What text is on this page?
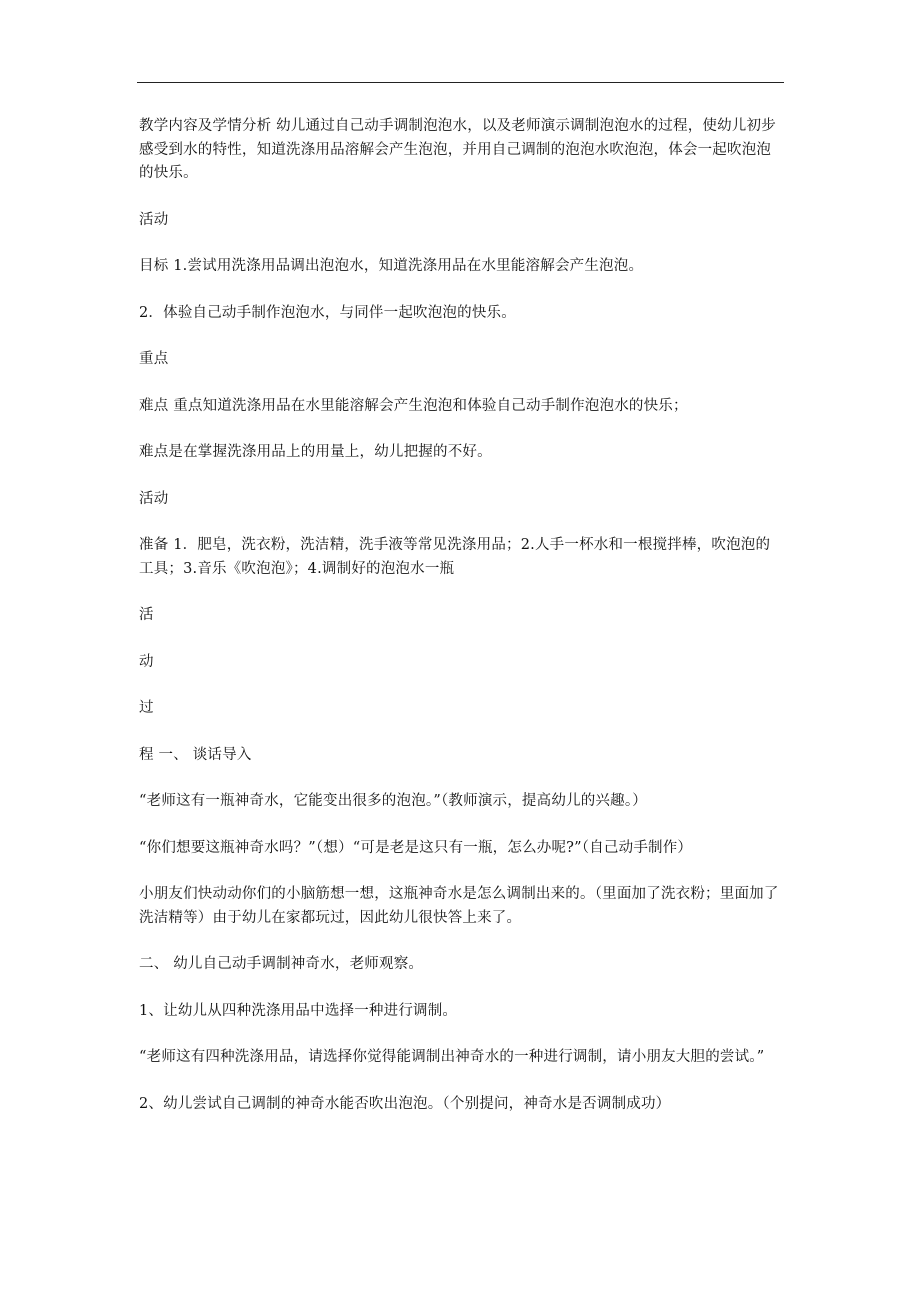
教学内容及学情分析 幼儿通过自己动手调制泡泡水，以及老师演示调制泡泡水的过程，使幼儿初步感受到水的特性，知道洗涤用品溶解会产生泡泡，并用自己调制的泡泡水吹泡泡，体会一起吹泡泡的快乐。

活动

目标 1.尝试用洗涤用品调出泡泡水，知道洗涤用品在水里能溶解会产生泡泡。

2．体验自己动手制作泡泡水，与同伴一起吹泡泡的快乐。

重点

难点 重点知道洗涤用品在水里能溶解会产生泡泡和体验自己动手制作泡泡水的快乐；

难点是在掌握洗涤用品上的用量上，幼儿把握的不好。

活动

准备 1．肥皂，洗衣粉，洗洁精，洗手液等常见洗涤用品；2.人手一杯水和一根搅拌棒，吹泡泡的工具；3.音乐《吹泡泡》；4.调制好的泡泡水一瓶

活

动

过

程 一、 谈话导入

“老师这有一瓶神奇水，它能变出很多的泡泡。”（教师演示，提高幼儿的兴趣。）

“你们想要这瓶神奇水吗？”（想）“可是老是这只有一瓶，怎么办呢?”（自己动手制作）

小朋友们快动动你们的小脑筋想一想，这瓶神奇水是怎么调制出来的。（里面加了洗衣粉；里面加了洗洁精等）由于幼儿在家都玩过，因此幼儿很快答上来了。

二、 幼儿自己动手调制神奇水，老师观察。

1、让幼儿从四种洗涤用品中选择一种进行调制。

“老师这有四种洗涤用品，请选择你觉得能调制出神奇水的一种进行调制，请小朋友大胆的尝试。”

2、幼儿尝试自己调制的神奇水能否吹出泡泡。（个别提问，神奇水是否调制成功）
